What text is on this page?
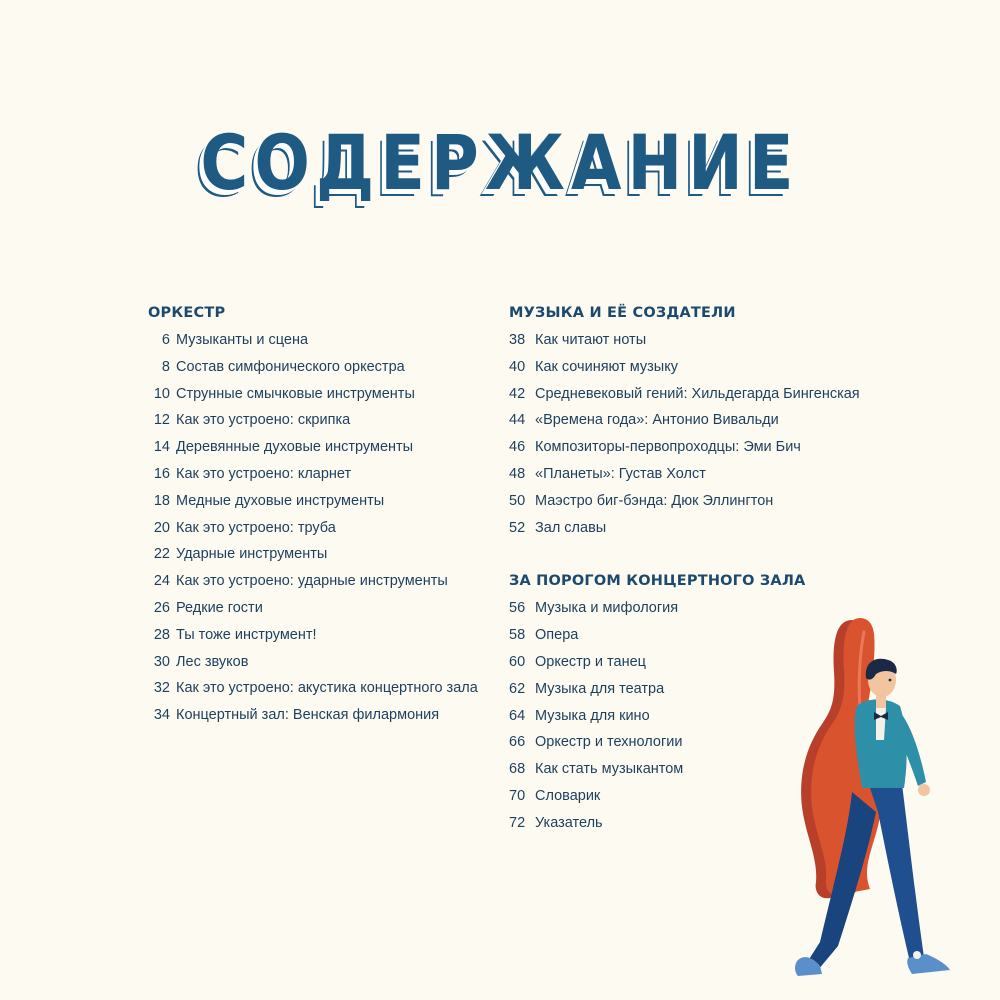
СОДЕРЖАНИЕ
ОРКЕСТР
6 Музыканты и сцена
8 Состав симфонического оркестра
10 Струнные смычковые инструменты
12 Как это устроено: скрипка
14 Деревянные духовые инструменты
16 Как это устроено: кларнет
18 Медные духовые инструменты
20 Как это устроено: труба
22 Ударные инструменты
24 Как это устроено: ударные инструменты
26 Редкие гости
28 Ты тоже инструмент!
30 Лес звуков
32 Как это устроено: акустика концертного зала
34 Концертный зал: Венская филармония
МУЗЫКА И ЕЁ СОЗДАТЕЛИ
38 Как читают ноты
40 Как сочиняют музыку
42 Средневековый гений: Хильдегарда Бингенская
44 «Времена года»: Антонио Вивальди
46 Композиторы-первопроходцы: Эми Бич
48 «Планеты»: Густав Холст
50 Маэстро биг-бэнда: Дюк Эллингтон
52 Зал славы
ЗА ПОРОГОМ КОНЦЕРТНОГО ЗАЛА
56 Музыка и мифология
58 Опера
60 Оркестр и танец
62 Музыка для театра
64 Музыка для кино
66 Оркестр и технологии
68 Как стать музыкантом
70 Словарик
72 Указатель
